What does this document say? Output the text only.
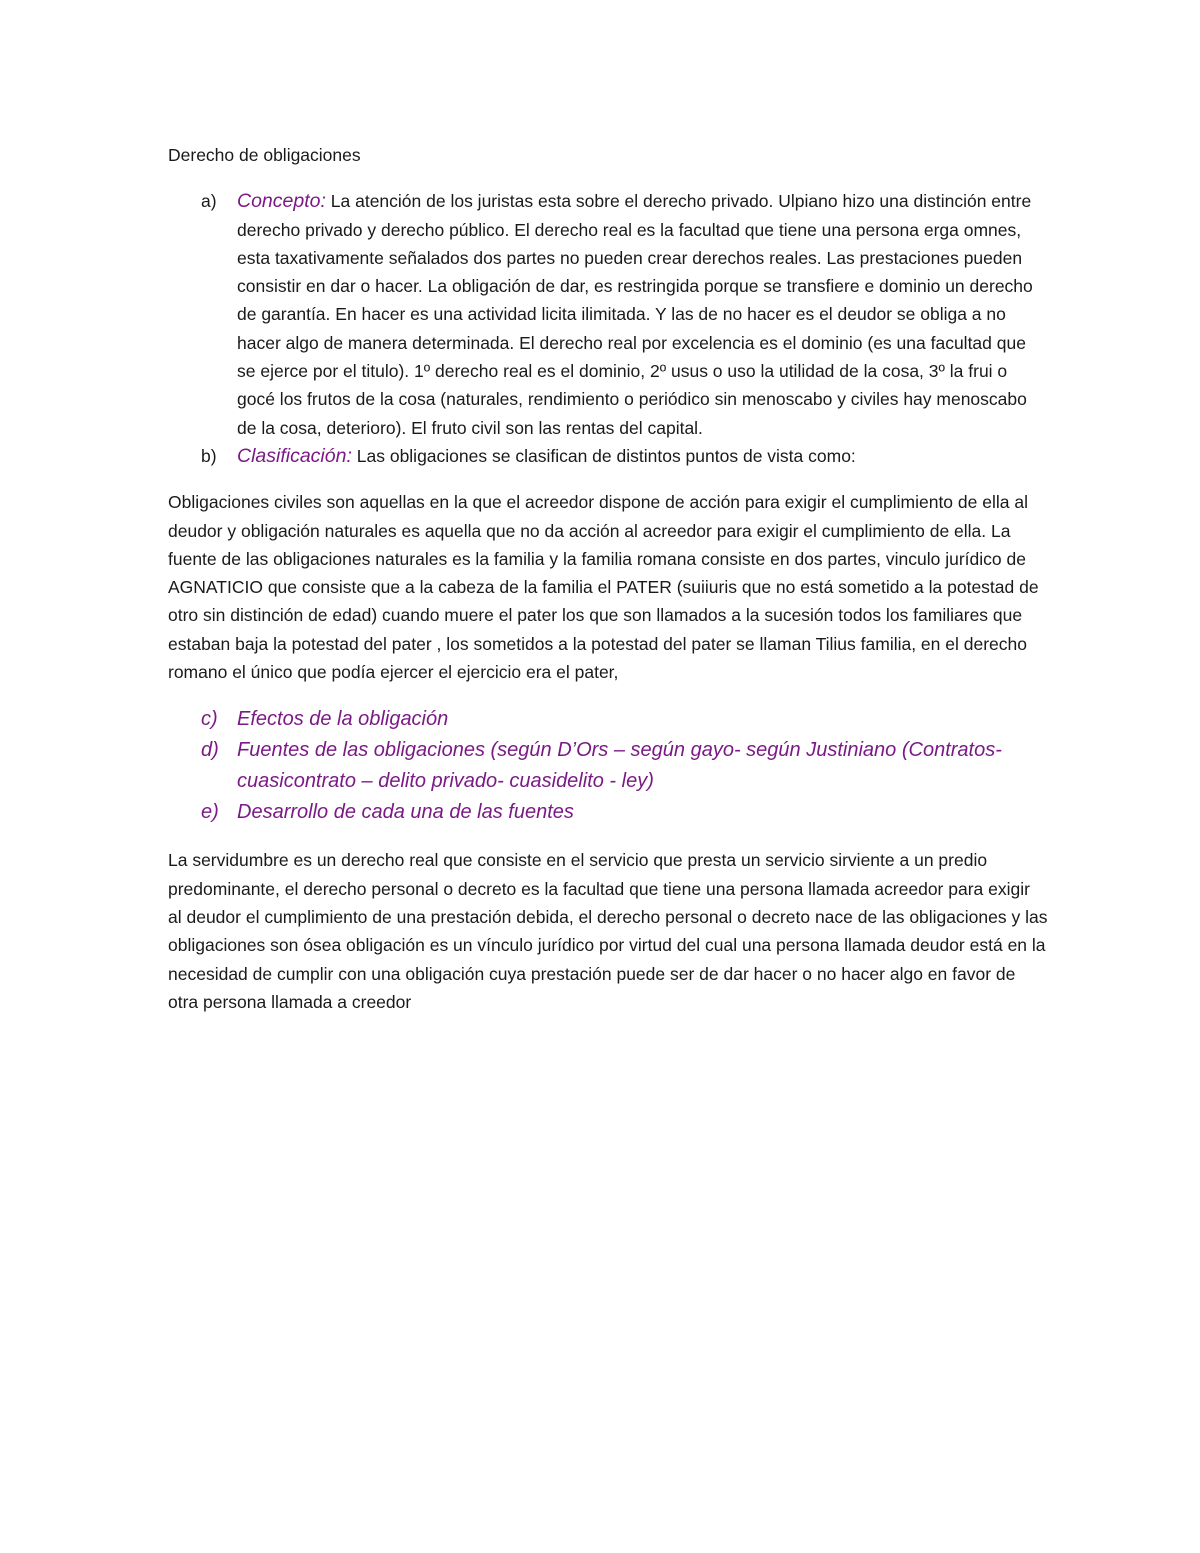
Derecho de obligaciones

a) Concepto: La atención de los juristas esta sobre el derecho privado. Ulpiano hizo una distinción entre derecho privado y derecho público. El derecho real es la facultad que tiene una persona erga omnes, esta taxativamente señalados dos partes no pueden crear derechos reales. Las prestaciones pueden consistir en dar o hacer. La obligación de dar, es restringida porque se transfiere e dominio un derecho de garantía. En hacer es una actividad licita ilimitada. Y las de no hacer es el deudor se obliga a no hacer algo de manera determinada. El derecho real por excelencia es el dominio (es una facultad que se ejerce por el titulo). 1º derecho real es el dominio, 2º usus o uso la utilidad de la cosa, 3º la frui o gocé los frutos de la cosa (naturales, rendimiento o periódico sin menoscabo y civiles hay menoscabo de la cosa, deterioro). El fruto civil son las rentas del capital.
b) Clasificación: Las obligaciones se clasifican de distintos puntos de vista como:

Obligaciones civiles son aquellas en la que el acreedor dispone de acción para exigir el cumplimiento de ella al deudor y obligación naturales es aquella que no da acción al acreedor para exigir el cumplimiento de ella. La fuente de las obligaciones naturales es la familia y la familia romana consiste en dos partes, vinculo jurídico de AGNATICIO que consiste que a la cabeza de la familia el PATER (suiiuris que no está sometido a la potestad de otro sin distinción de edad) cuando muere el pater los que son llamados a la sucesión todos los familiares que estaban baja la potestad del pater , los sometidos a la potestad del pater se llaman Tilius familia, en el derecho romano el único que podía ejercer el ejercicio era el pater,

c) Efectos de la obligación
d) Fuentes de las obligaciones (según D’Ors – según gayo- según Justiniano (Contratos- cuasicontrato – delito privado- cuasidelito - ley)
e) Desarrollo de cada una de las fuentes

La servidumbre es un derecho real que consiste en el servicio que presta un servicio sirviente a un predio predominante, el derecho personal o decreto es la facultad que tiene una persona llamada acreedor para exigir al deudor el cumplimiento de una prestación debida, el derecho personal o decreto nace de las obligaciones y las obligaciones son ósea obligación es un vínculo jurídico por virtud del cual una persona llamada deudor está en la necesidad de cumplir con una obligación cuya prestación puede ser de dar hacer o no hacer algo en favor de otra persona llamada a creedor
